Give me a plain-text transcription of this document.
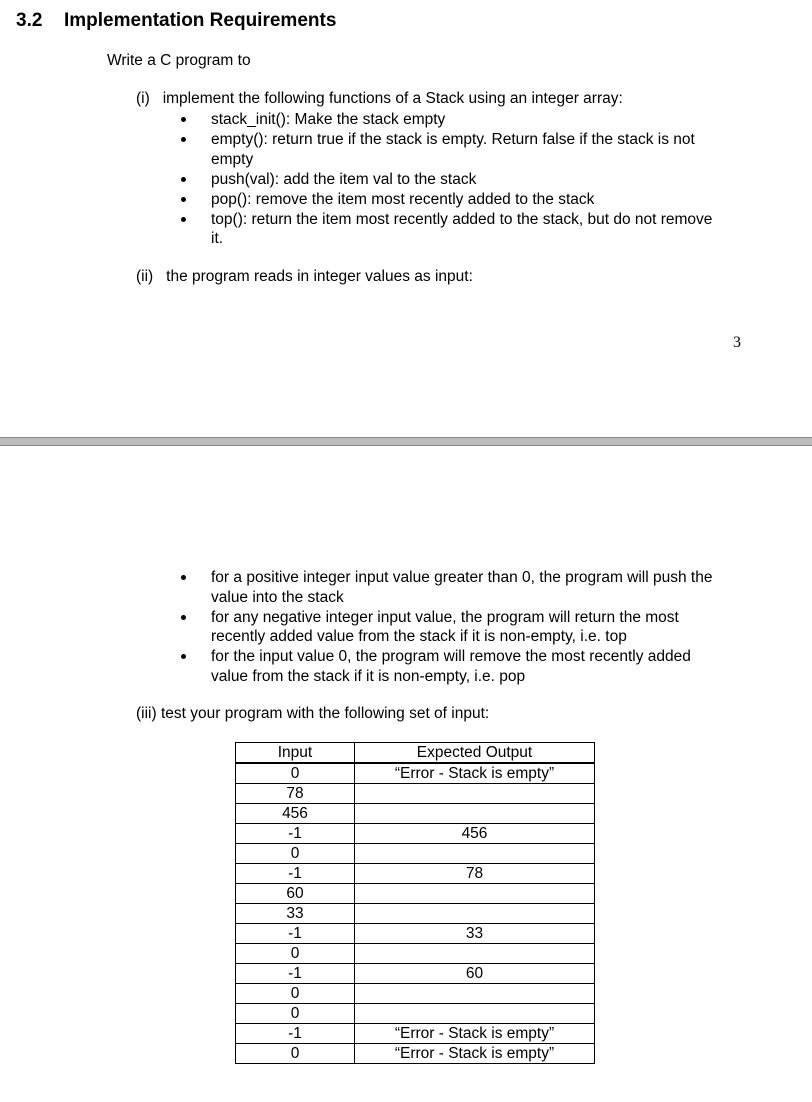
3.2 Implementation Requirements
Write a C program to
(i) implement the following functions of a Stack using an integer array:
stack_init(): Make the stack empty
empty(): return true if the stack is empty. Return false if the stack is not
empty
push(val): add the item val to the stack
pop(): remove the item most recently added to the stack
top(): return the item most recently added to the stack, but do not remove
it.
(ii) the program reads in integer values as input:
3
for a positive integer input value greater than 0, the program will push the
value into the stack
for any negative integer input value, the program will return the most
recently added value from the stack if it is non-empty, i.e. top
for the input value 0, the program will remove the most recently added
value from the stack if it is non-empty, i.e. pop
(iii) test your program with the following set of input:
Input	Expected Output
0	“Error - Stack is empty”
78	
456	
-1	456
0	
-1	78
60	
33	
-1	33
0	
-1	60
0	
0	
-1	“Error - Stack is empty”
0	“Error - Stack is empty”
